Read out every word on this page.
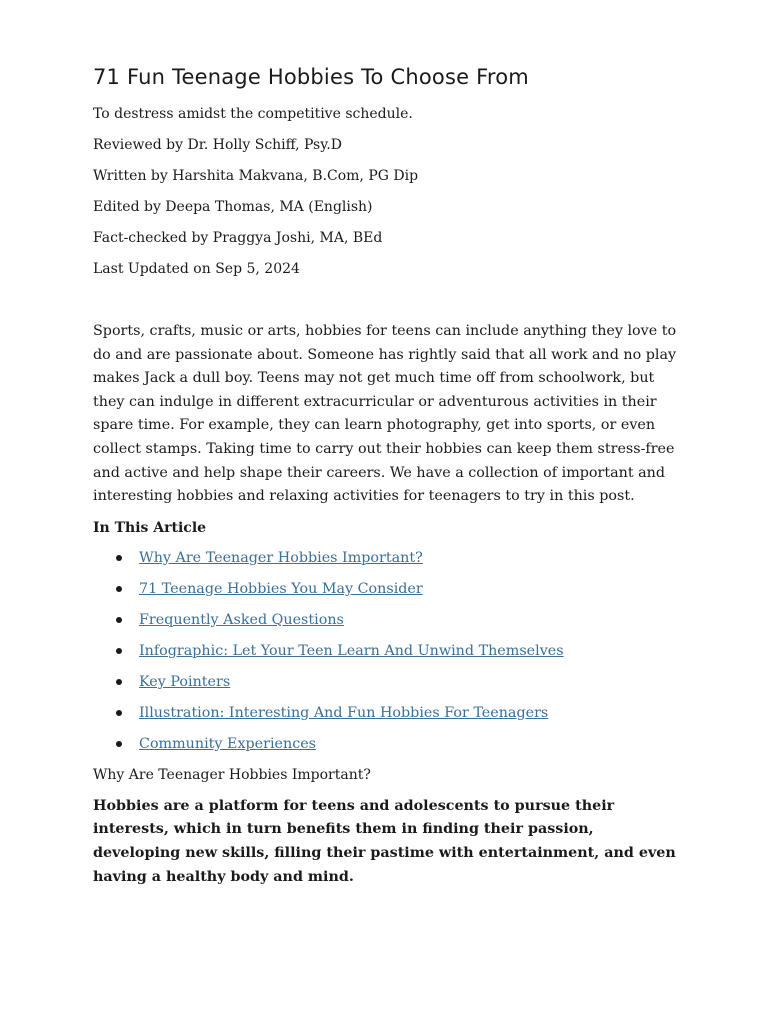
71 Fun Teenage Hobbies To Choose From

To destress amidst the competitive schedule.

Reviewed by Dr. Holly Schiff, Psy.D

Written by Harshita Makvana, B.Com, PG Dip

Edited by Deepa Thomas, MA (English)

Fact-checked by Praggya Joshi, MA, BEd

Last Updated on Sep 5, 2024

Sports, crafts, music or arts, hobbies for teens can include anything they love to do and are passionate about. Someone has rightly said that all work and no play makes Jack a dull boy. Teens may not get much time off from schoolwork, but they can indulge in different extracurricular or adventurous activities in their spare time. For example, they can learn photography, get into sports, or even collect stamps. Taking time to carry out their hobbies can keep them stress-free and active and help shape their careers. We have a collection of important and interesting hobbies and relaxing activities for teenagers to try in this post.

In This Article

Why Are Teenager Hobbies Important?
71 Teenage Hobbies You May Consider
Frequently Asked Questions
Infographic: Let Your Teen Learn And Unwind Themselves
Key Pointers
Illustration: Interesting And Fun Hobbies For Teenagers
Community Experiences

Why Are Teenager Hobbies Important?

Hobbies are a platform for teens and adolescents to pursue their interests, which in turn benefits them in finding their passion, developing new skills, filling their pastime with entertainment, and even having a healthy body and mind.
